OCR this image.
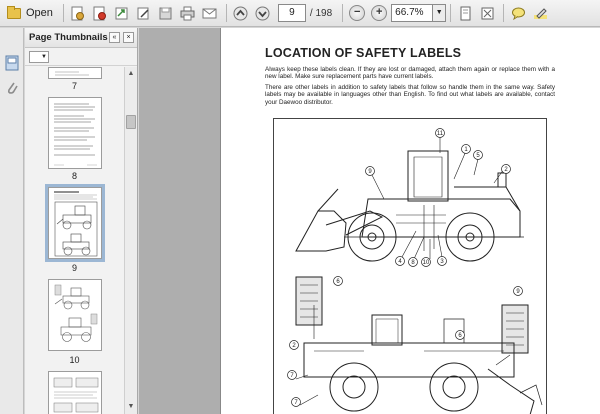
Open	9	/ 198	−	+	66.7%	▼
Page Thumbnails «	×
▼
7
8
9
10
▲
▼
LOCATION OF SAFETY LABELS
Always keep these labels clean. If they are lost or damaged, attach them again or replace them with a new label. Make sure replacement parts have current labels.
There are other labels in addition to safety labels that follow so handle them in the same way. Safety labels may be available in languages other than English. To find out what labels are available, contact your Daewoo distributor.
11
1
5
9	2
4 8 10 3
6
9
6
2
7
7
